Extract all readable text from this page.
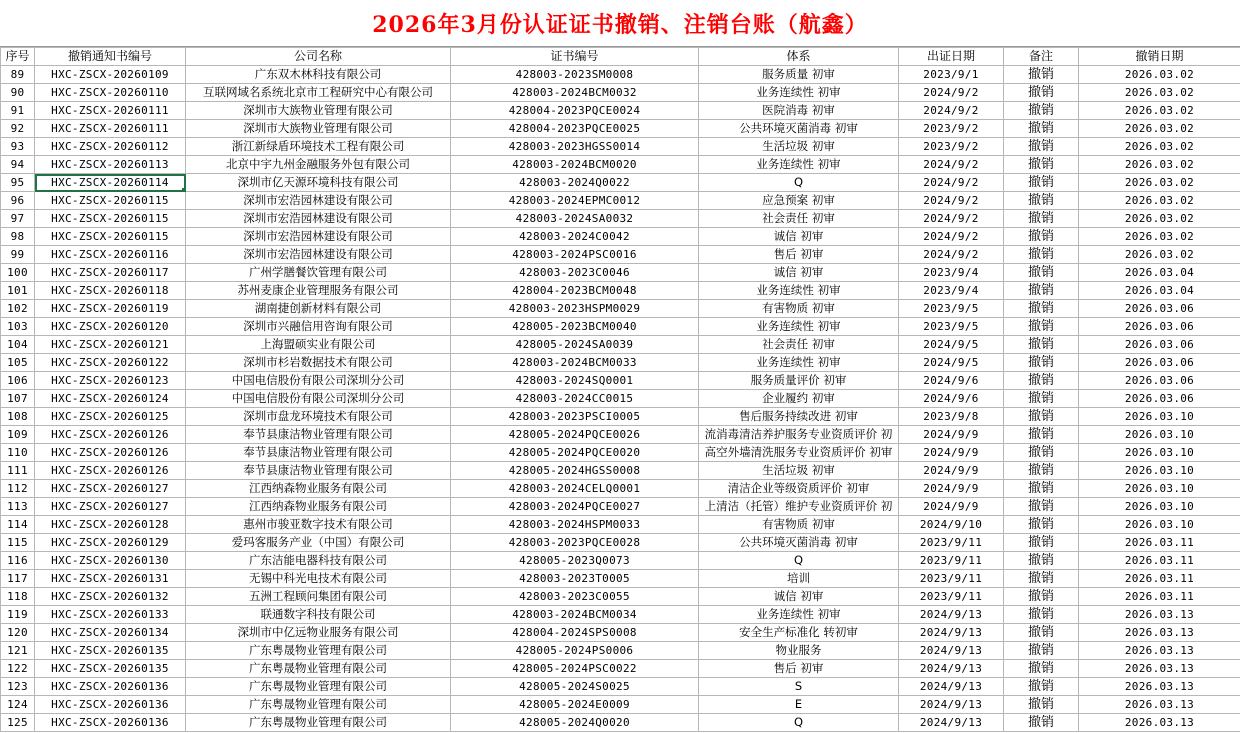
2026年3月份认证证书撤销、注销台账（航鑫）
序号	撤销通知书编号	公司名称	证书编号	体系	出证日期	备注	撤销日期
89	HXC-ZSCX-20260109	广东双木林科技有限公司	428003-2023SM0008	服务质量 初审	2023/9/1	撤销	2026.03.02
90	HXC-ZSCX-20260110	互联网域名系统北京市工程研究中心有限公司	428003-2024BCM0032	业务连续性 初审	2024/9/2	撤销	2026.03.02
91	HXC-ZSCX-20260111	深圳市大族物业管理有限公司	428004-2023PQCE0024	医院消毒 初审	2024/9/2	撤销	2026.03.02
92	HXC-ZSCX-20260111	深圳市大族物业管理有限公司	428004-2023PQCE0025	公共环境灭菌消毒 初审	2023/9/2	撤销	2026.03.02
93	HXC-ZSCX-20260112	浙江新绿盾环境技术工程有限公司	428003-2023HGSS0014	生活垃圾 初审	2023/9/2	撤销	2026.03.02
94	HXC-ZSCX-20260113	北京中宇九州金融服务外包有限公司	428003-2024BCM0020	业务连续性 初审	2024/9/2	撤销	2026.03.02
95	HXC-ZSCX-20260114	深圳市亿天源环境科技有限公司	428003-2024Q0022	Q	2024/9/2	撤销	2026.03.02
96	HXC-ZSCX-20260115	深圳市宏浩园林建设有限公司	428003-2024EPMC0012	应急预案 初审	2024/9/2	撤销	2026.03.02
97	HXC-ZSCX-20260115	深圳市宏浩园林建设有限公司	428003-2024SA0032	社会责任 初审	2024/9/2	撤销	2026.03.02
98	HXC-ZSCX-20260115	深圳市宏浩园林建设有限公司	428003-2024C0042	诚信 初审	2024/9/2	撤销	2026.03.02
99	HXC-ZSCX-20260116	深圳市宏浩园林建设有限公司	428003-2024PSC0016	售后 初审	2024/9/2	撤销	2026.03.02
100	HXC-ZSCX-20260117	广州学膳餐饮管理有限公司	428003-2023C0046	诚信 初审	2023/9/4	撤销	2026.03.04
101	HXC-ZSCX-20260118	苏州麦康企业管理服务有限公司	428004-2023BCM0048	业务连续性 初审	2023/9/4	撤销	2026.03.04
102	HXC-ZSCX-20260119	湖南捷创新材料有限公司	428003-2023HSPM0029	有害物质 初审	2023/9/5	撤销	2026.03.06
103	HXC-ZSCX-20260120	深圳市兴融信用咨询有限公司	428005-2023BCM0040	业务连续性 初审	2023/9/5	撤销	2026.03.06
104	HXC-ZSCX-20260121	上海盟硕实业有限公司	428005-2024SA0039	社会责任 初审	2024/9/5	撤销	2026.03.06
105	HXC-ZSCX-20260122	深圳市杉岩数据技术有限公司	428003-2024BCM0033	业务连续性 初审	2024/9/5	撤销	2026.03.06
106	HXC-ZSCX-20260123	中国电信股份有限公司深圳分公司	428003-2024SQ0001	服务质量评价 初审	2024/9/6	撤销	2026.03.06
107	HXC-ZSCX-20260124	中国电信股份有限公司深圳分公司	428003-2024CC0015	企业履约 初审	2024/9/6	撤销	2026.03.06
108	HXC-ZSCX-20260125	深圳市盘龙环境技术有限公司	428003-2023PSCI0005	售后服务持续改进 初审	2023/9/8	撤销	2026.03.10
109	HXC-ZSCX-20260126	奉节县康洁物业管理有限公司	428005-2024PQCE0026	流消毒清洁养护服务专业资质评价 初	2024/9/9	撤销	2026.03.10
110	HXC-ZSCX-20260126	奉节县康洁物业管理有限公司	428005-2024PQCE0020	高空外墙清洗服务专业资质评价 初审	2024/9/9	撤销	2026.03.10
111	HXC-ZSCX-20260126	奉节县康洁物业管理有限公司	428005-2024HGSS0008	生活垃圾 初审	2024/9/9	撤销	2026.03.10
112	HXC-ZSCX-20260127	江西纳森物业服务有限公司	428003-2024CELQ0001	清洁企业等级资质评价 初审	2024/9/9	撤销	2026.03.10
113	HXC-ZSCX-20260127	江西纳森物业服务有限公司	428003-2024PQCE0027	上清洁（托管）维护专业资质评价 初	2024/9/9	撤销	2026.03.10
114	HXC-ZSCX-20260128	惠州市骏亚数字技术有限公司	428003-2024HSPM0033	有害物质 初审	2024/9/10	撤销	2026.03.10
115	HXC-ZSCX-20260129	爱玛客服务产业（中国）有限公司	428003-2023PQCE0028	公共环境灭菌消毒 初审	2023/9/11	撤销	2026.03.11
116	HXC-ZSCX-20260130	广东洁能电器科技有限公司	428005-2023Q0073	Q	2023/9/11	撤销	2026.03.11
117	HXC-ZSCX-20260131	无锡中科光电技术有限公司	428003-2023T0005	培训	2023/9/11	撤销	2026.03.11
118	HXC-ZSCX-20260132	五洲工程顾问集团有限公司	428003-2023C0055	诚信 初审	2023/9/11	撤销	2026.03.11
119	HXC-ZSCX-20260133	联通数字科技有限公司	428003-2024BCM0034	业务连续性 初审	2024/9/13	撤销	2026.03.13
120	HXC-ZSCX-20260134	深圳市中亿远物业服务有限公司	428004-2024SPS0008	安全生产标准化 转初审	2024/9/13	撤销	2026.03.13
121	HXC-ZSCX-20260135	广东粤晟物业管理有限公司	428005-2024PS0006	物业服务	2024/9/13	撤销	2026.03.13
122	HXC-ZSCX-20260135	广东粤晟物业管理有限公司	428005-2024PSC0022	售后 初审	2024/9/13	撤销	2026.03.13
123	HXC-ZSCX-20260136	广东粤晟物业管理有限公司	428005-2024S0025	S	2024/9/13	撤销	2026.03.13
124	HXC-ZSCX-20260136	广东粤晟物业管理有限公司	428005-2024E0009	E	2024/9/13	撤销	2026.03.13
125	HXC-ZSCX-20260136	广东粤晟物业管理有限公司	428005-2024Q0020	Q	2024/9/13	撤销	2026.03.13
